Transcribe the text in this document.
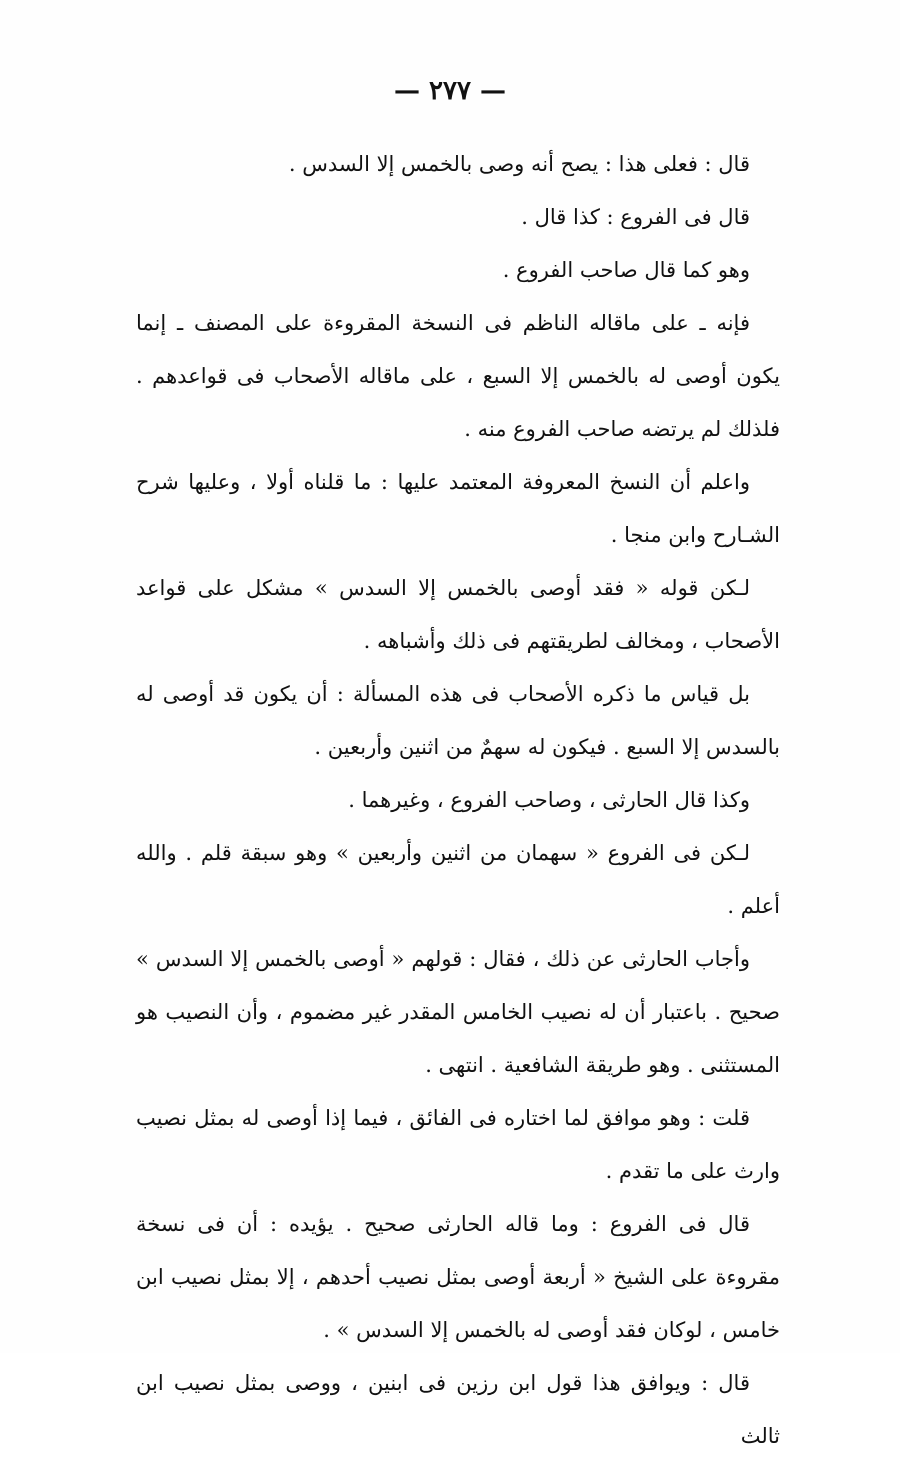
— ٢٧٧ —

قال : فعلى هذا : يصح أنه وصى بالخمس إلا السدس .

قال فى الفروع : كذا قال .

وهو كما قال صاحب الفروع .

فإنه ـ على ماقاله الناظم فى النسخة المقروءة على المصنف ـ إنما يكون أوصى له بالخمس إلا السبع ، على ماقاله الأصحاب فى قواعدهم . فلذلك لم يرتضه صاحب الفروع منه .

واعلم أن النسخ المعروفة المعتمد عليها : ما قلناه أولا ، وعليها شرح الشـارح وابن منجا .

لـكن قوله « فقد أوصى بالخمس إلا السدس » مشكل على قواعد الأصحاب ، ومخالف لطريقتهم فى ذلك وأشباهه .

بل قياس ما ذكره الأصحاب فى هذه المسألة : أن يكون قد أوصى له بالسدس إلا السبع . فيكون له سهمٌ من اثنين وأربعين .

وكذا قال الحارثى ، وصاحب الفروع ، وغيرهما .

لـكن فى الفروع « سهمان من اثنين وأربعين » وهو سبقة قلم . والله أعلم .

وأجاب الحارثى عن ذلك ، فقال : قولهم « أوصى بالخمس إلا السدس » صحيح . باعتبار أن له نصيب الخامس المقدر غير مضموم ، وأن النصيب هو المستثنى . وهو طريقة الشافعية . انتهى .

قلت : وهو موافق لما اختاره فى الفائق ، فيما إذا أوصى له بمثل نصيب وارث على ما تقدم .

قال فى الفروع : وما قاله الحارثى صحيح . يؤيده : أن فى نسخة مقروءة على الشيخ « أربعة أوصى بمثل نصيب أحدهم ، إلا بمثل نصيب ابن خامس ، لوكان فقد أوصى له بالخمس إلا السدس » .

قال : ويوافق هذا قول ابن رزين فى ابنين ، ووصى بمثل نصيب ابن ثالث
